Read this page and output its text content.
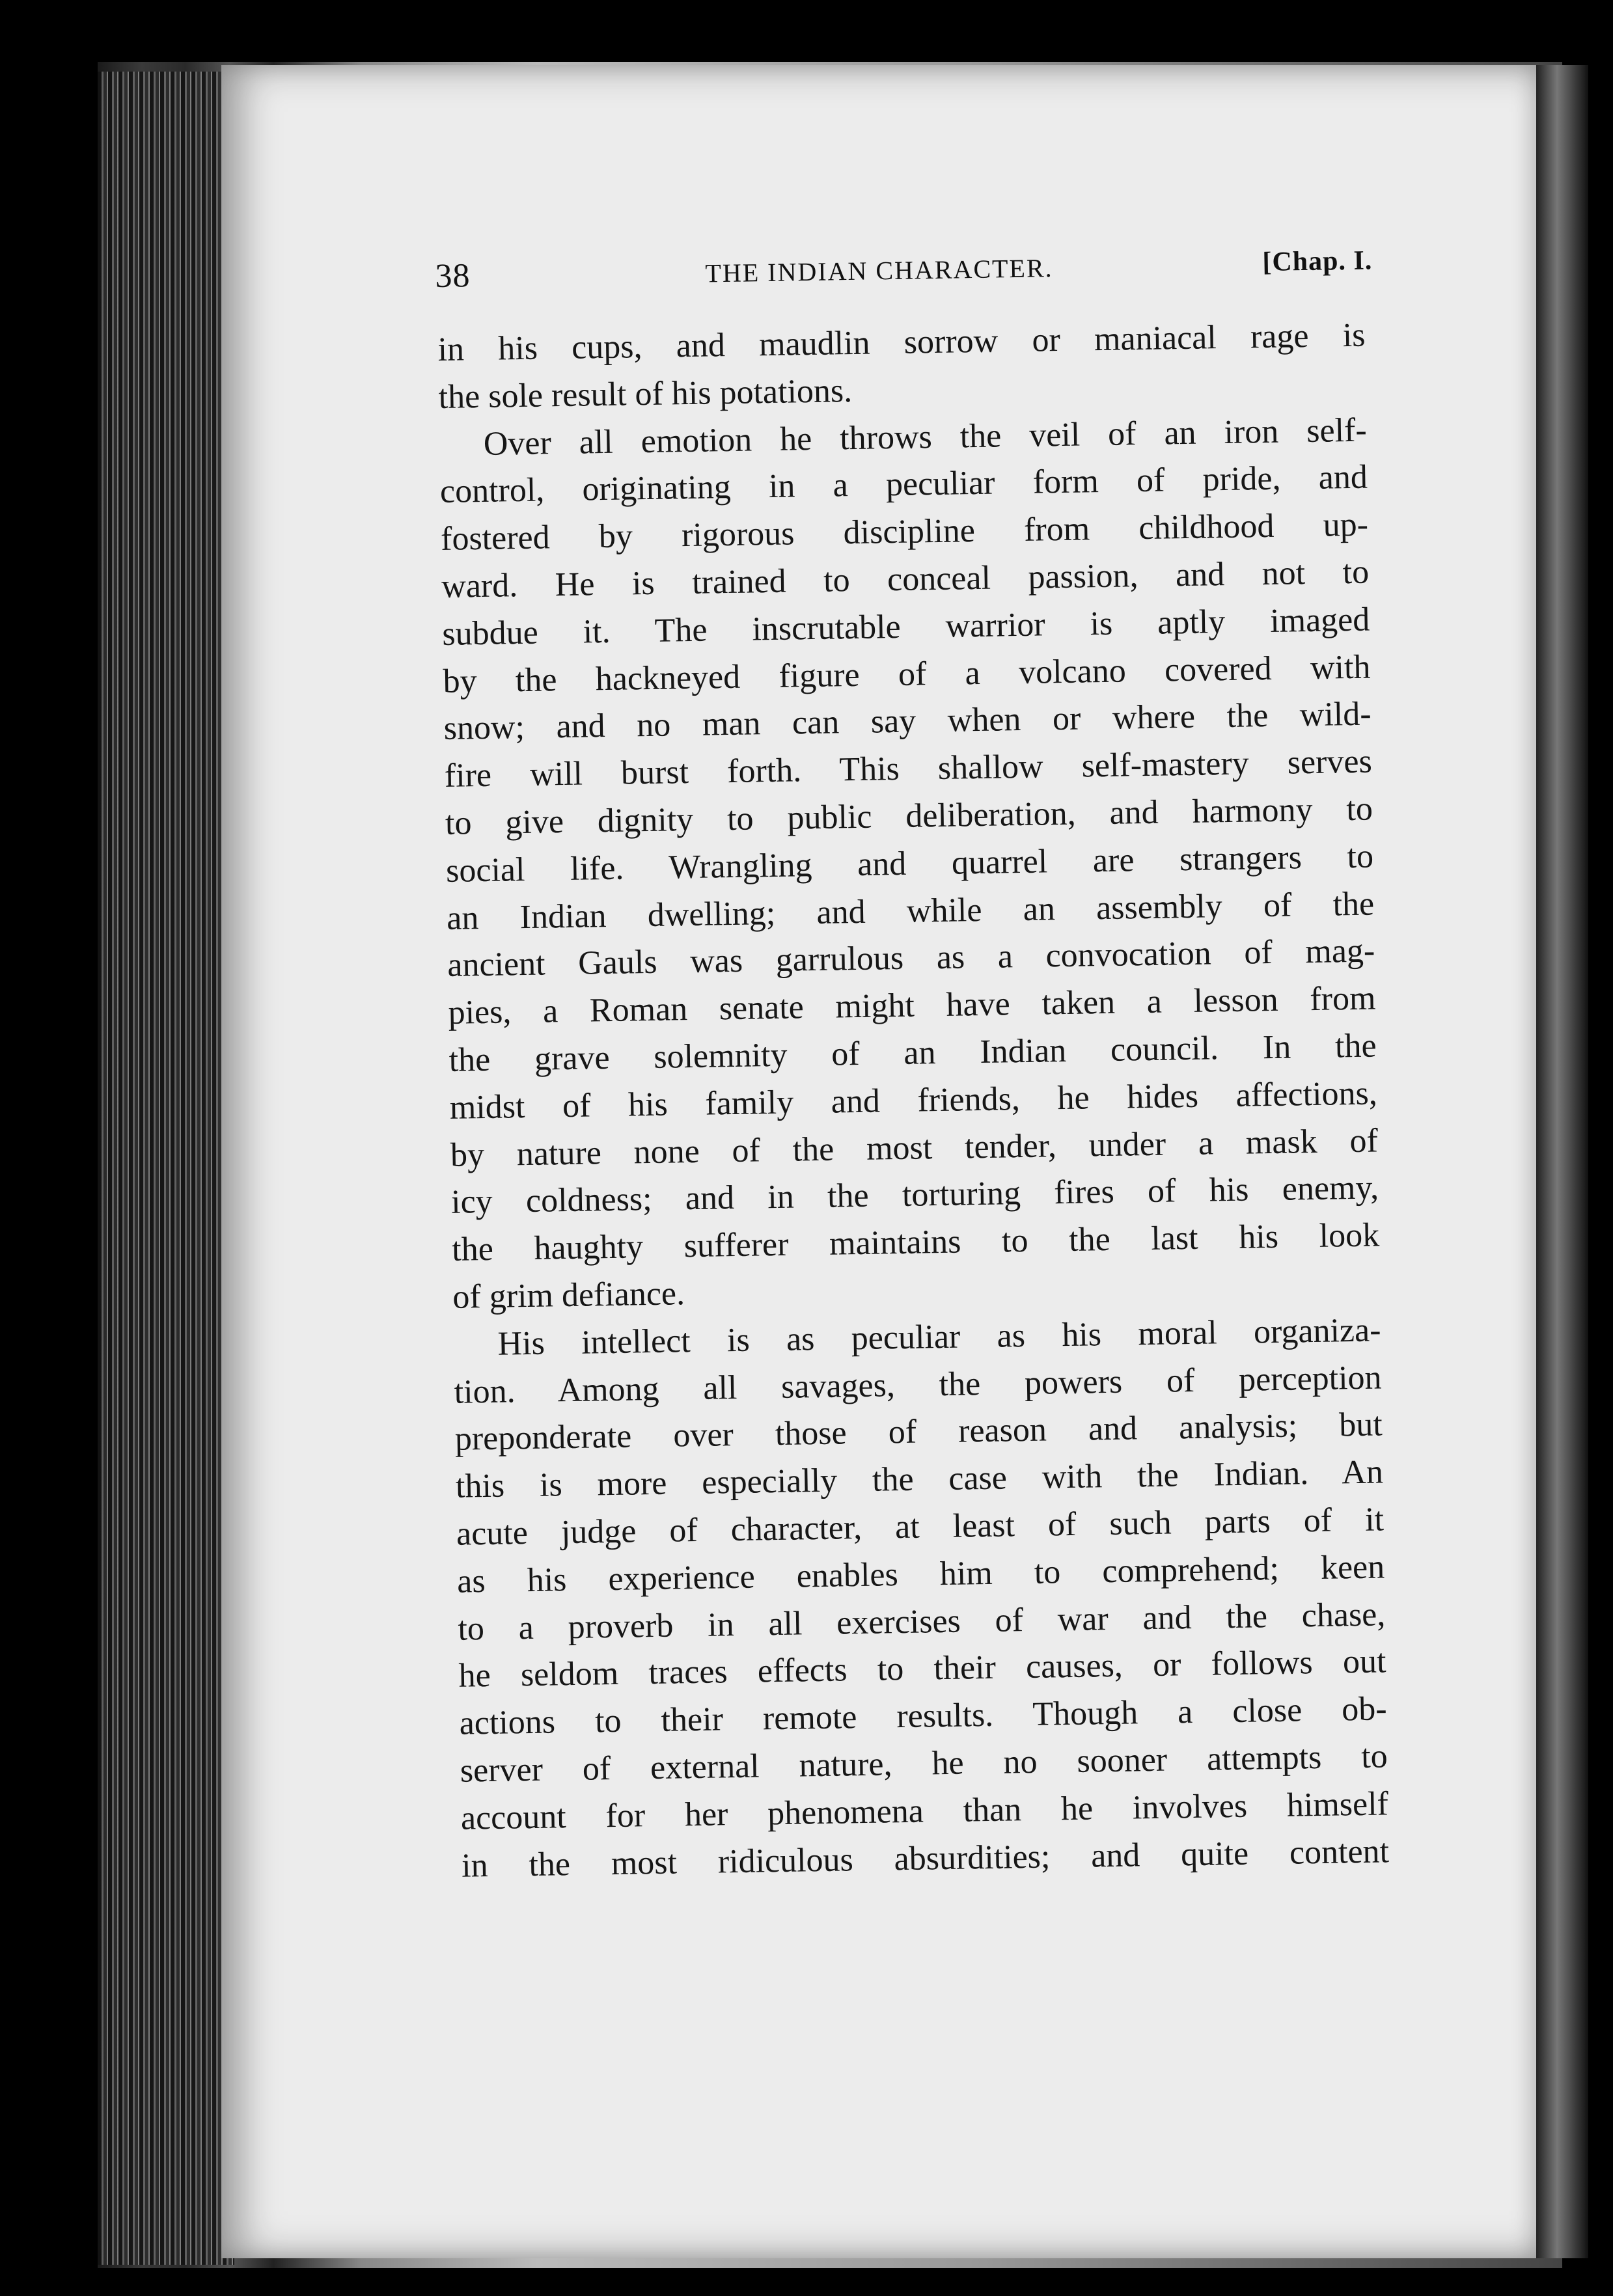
38	THE INDIAN CHARACTER.	[Chap. I.
in his cups, and maudlin sorrow or maniacal rage is
the sole result of his potations.
Over all emotion he throws the veil of an iron self-
control, originating in a peculiar form of pride, and
fostered by rigorous discipline from childhood up-
ward. He is trained to conceal passion, and not to
subdue it. The inscrutable warrior is aptly imaged
by the hackneyed figure of a volcano covered with
snow; and no man can say when or where the wild-
fire will burst forth. This shallow self-mastery serves
to give dignity to public deliberation, and harmony to
social life. Wrangling and quarrel are strangers to
an Indian dwelling; and while an assembly of the
ancient Gauls was garrulous as a convocation of mag-
pies, a Roman senate might have taken a lesson from
the grave solemnity of an Indian council. In the
midst of his family and friends, he hides affections,
by nature none of the most tender, under a mask of
icy coldness; and in the torturing fires of his enemy,
the haughty sufferer maintains to the last his look
of grim defiance.
His intellect is as peculiar as his moral organiza-
tion. Among all savages, the powers of perception
preponderate over those of reason and analysis; but
this is more especially the case with the Indian. An
acute judge of character, at least of such parts of it
as his experience enables him to comprehend; keen
to a proverb in all exercises of war and the chase,
he seldom traces effects to their causes, or follows out
actions to their remote results. Though a close ob-
server of external nature, he no sooner attempts to
account for her phenomena than he involves himself
in the most ridiculous absurdities; and quite content
